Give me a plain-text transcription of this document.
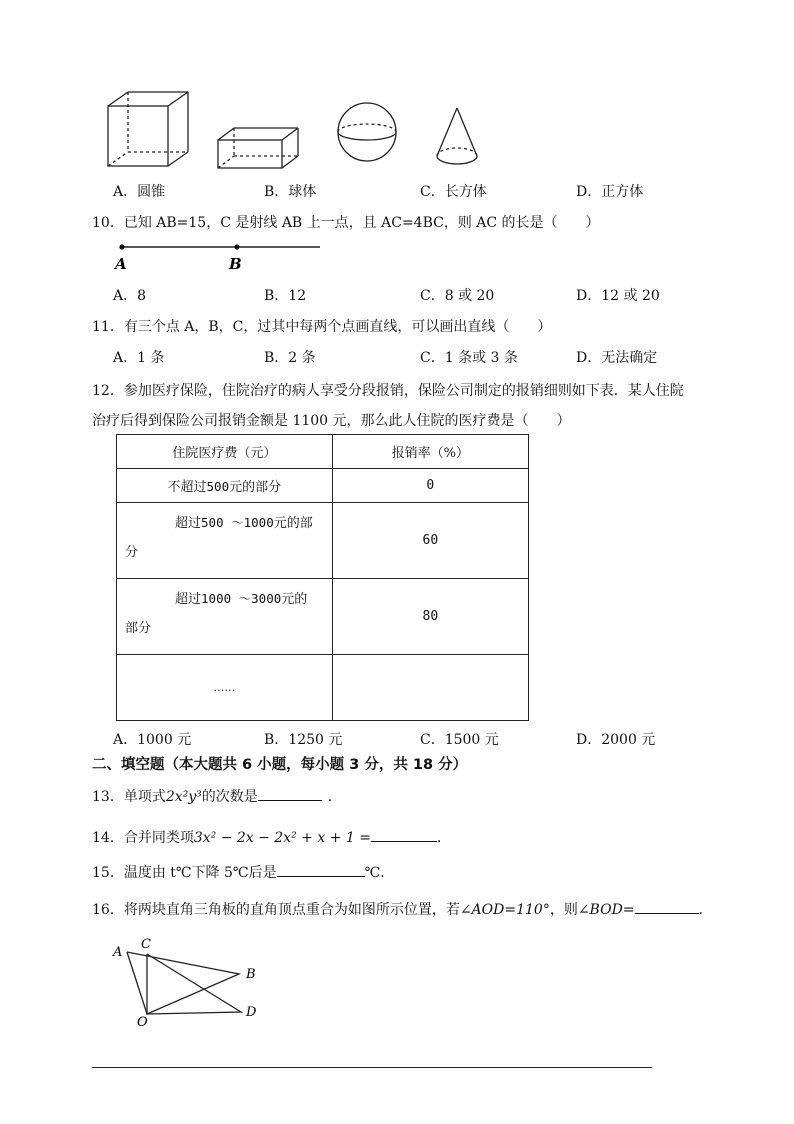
A．圆锥	B．球体	C．长方体	D．正方体
10．已知 AB=15，C 是射线 AB 上一点，且 AC=4BC，则 AC 的长是（　　）
A	B
A．8	B．12	C．8 或 20	D．12 或 20
11．有三个点 A，B，C，过其中每两个点画直线，可以画出直线（　　）
A．1 条	B．2 条	C．1 条或 3 条	D．无法确定
12．参加医疗保险，住院治疗的病人享受分段报销，保险公司制定的报销细则如下表．某人住院
治疗后得到保险公司报销金额是 1100 元，那么此人住院的医疗费是（　　）
住院医疗费（元）	报销率（%）
不超过500元的部分	0

超过500 ～1000元的部
分	60

超过1000 ～3000元的
部分	80
……	
A．1000 元	B．1250 元	C．1500 元	D．2000 元
二、填空题（本大题共 6 小题，每小题 3 分，共 18 分）
13．单项式2x²y³的次数是	．
14．合并同类项3x² − 2x − 2x² + x + 1 =	．
15．温度由 t℃下降 5℃后是	℃．
16．将两块直角三角板的直角顶点重合为如图所示位置，若∠AOD=110°，则∠BOD=	．
A
C
B
D
O
